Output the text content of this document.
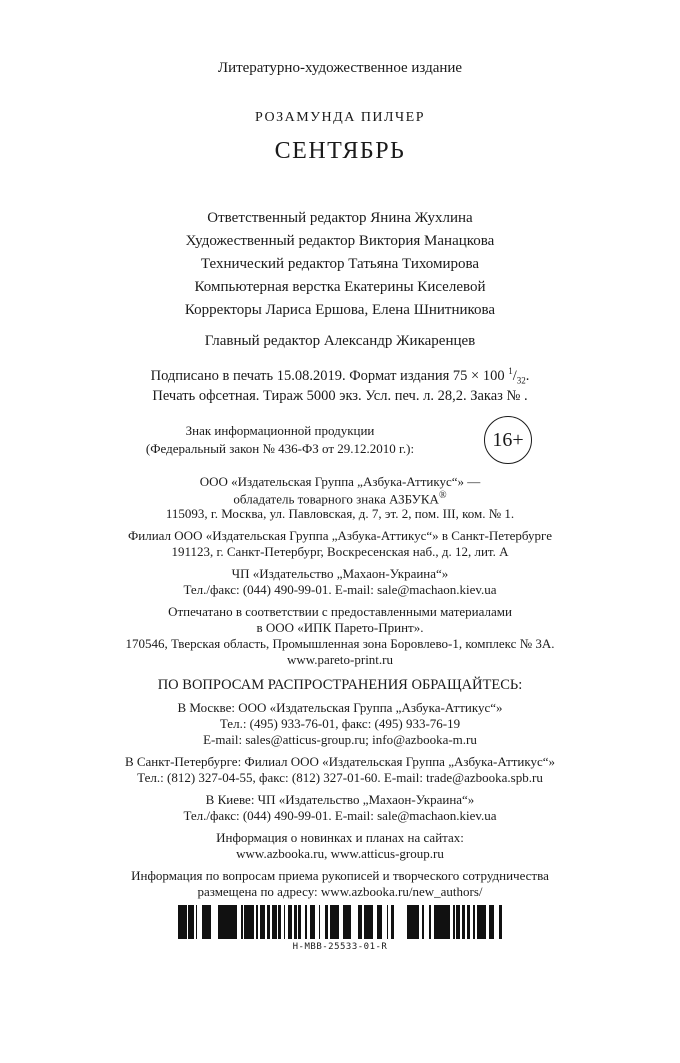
Литературно-художественное издание
РОЗАМУНДА ПИЛЧЕР
СЕНТЯБРЬ
Ответственный редактор Янина Жухлина
Художественный редактор Виктория Манацкова
Технический редактор Татьяна Тихомирова
Компьютерная верстка Екатерины Киселевой
Корректоры Лариса Ершова, Елена Шнитникова
Главный редактор Александр Жикаренцев
Подписано в печать 15.08.2019. Формат издания 75 × 100 $^1/_{32}$.
Печать офсетная. Тираж 5000 экз. Усл. печ. л. 28,2. Заказ № .
Знак информационной продукции
(Федеральный закон № 436-ФЗ от 29.12.2010 г.):	16+
ООО «Издательская Группа „Азбука-Аттикус“» —
обладатель товарного знака АЗБУКА®
115093, г. Москва, ул. Павловская, д. 7, эт. 2, пом. III, ком. № 1.
Филиал ООО «Издательская Группа „Азбука-Аттикус“» в Санкт-Петербурге
191123, г. Санкт-Петербург, Воскресенская наб., д. 12, лит. А
ЧП «Издательство „Махаон-Украина“»
Тел./факс: (044) 490-99-01. E-mail: sale@machaon.kiev.ua
Отпечатано в соответствии с предоставленными материалами
в ООО «ИПК Парето-Принт».
170546, Тверская область, Промышленная зона Боровлево-1, комплекс № 3А.
www.pareto-print.ru
ПО ВОПРОСАМ РАСПРОСТРАНЕНИЯ ОБРАЩАЙТЕСЬ:
В Москве: ООО «Издательская Группа „Азбука-Аттикус“»
Тел.: (495) 933-76-01, факс: (495) 933-76-19
E-mail: sales@atticus-group.ru; info@azbooka-m.ru
В Санкт-Петербурге: Филиал ООО «Издательская Группа „Азбука-Аттикус“»
Тел.: (812) 327-04-55, факс: (812) 327-01-60. E-mail: trade@azbooka.spb.ru
В Киеве: ЧП «Издательство „Махаон-Украина“»
Тел./факс: (044) 490-99-01. E-mail: sale@machaon.kiev.ua
Информация о новинках и планах на сайтах:
www.azbooka.ru, www.atticus-group.ru
Информация по вопросам приема рукописей и творческого сотрудничества
размещена по адресу: www.azbooka.ru/new_authors/
Н-МВВ-25533-01-R
